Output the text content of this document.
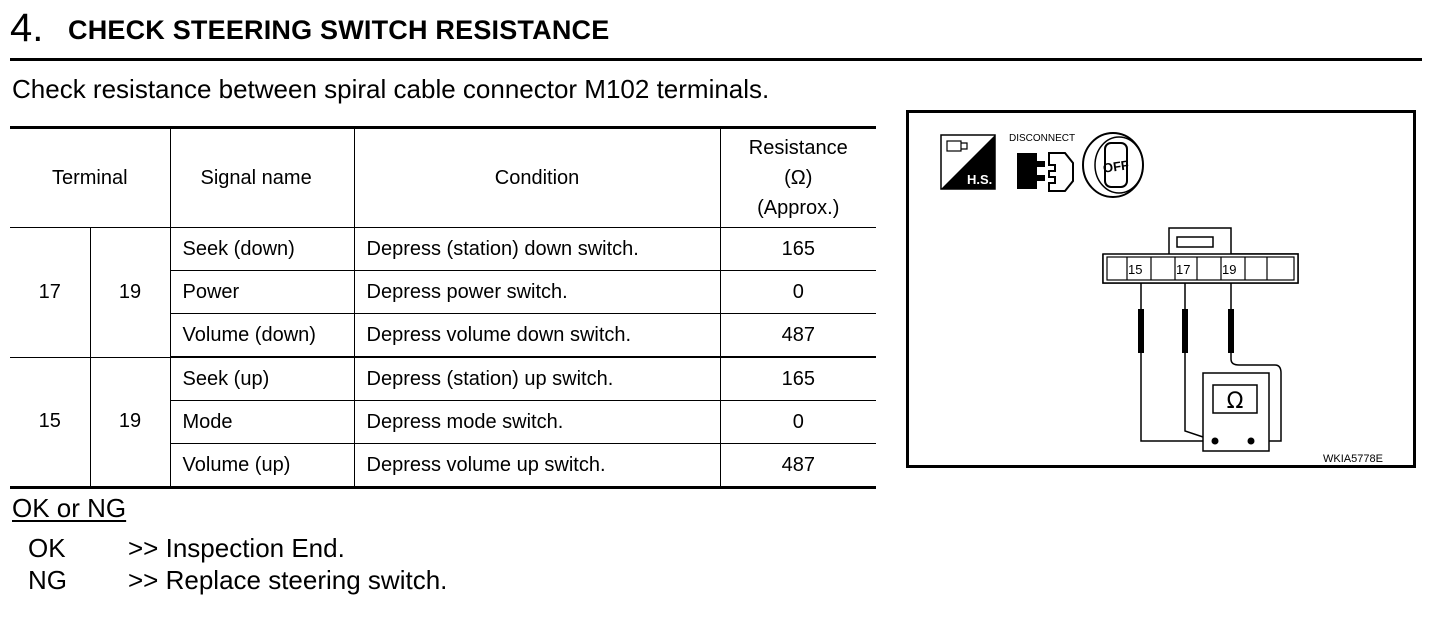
4. CHECK STEERING SWITCH RESISTANCE
Check resistance between spiral cable connector M102 terminals.
Terminal		Signal name	Condition	Resistance
(Ω)
(Approx.)

17	19	Seek (down)	Depress (station) down switch.	165
		Power	Depress power switch.	0
		Volume (down)	Depress volume down switch.	487
15	19	Seek (up)	Depress (station) up switch.	165
		Mode	Depress mode switch.	0
		Volume (up)	Depress volume up switch.	487
OK or NG
OK >> Inspection End.
NG >> Replace steering switch.
H.S.
DISCONNECT
OFF
15	17 19
Ω
WKIA5778E
